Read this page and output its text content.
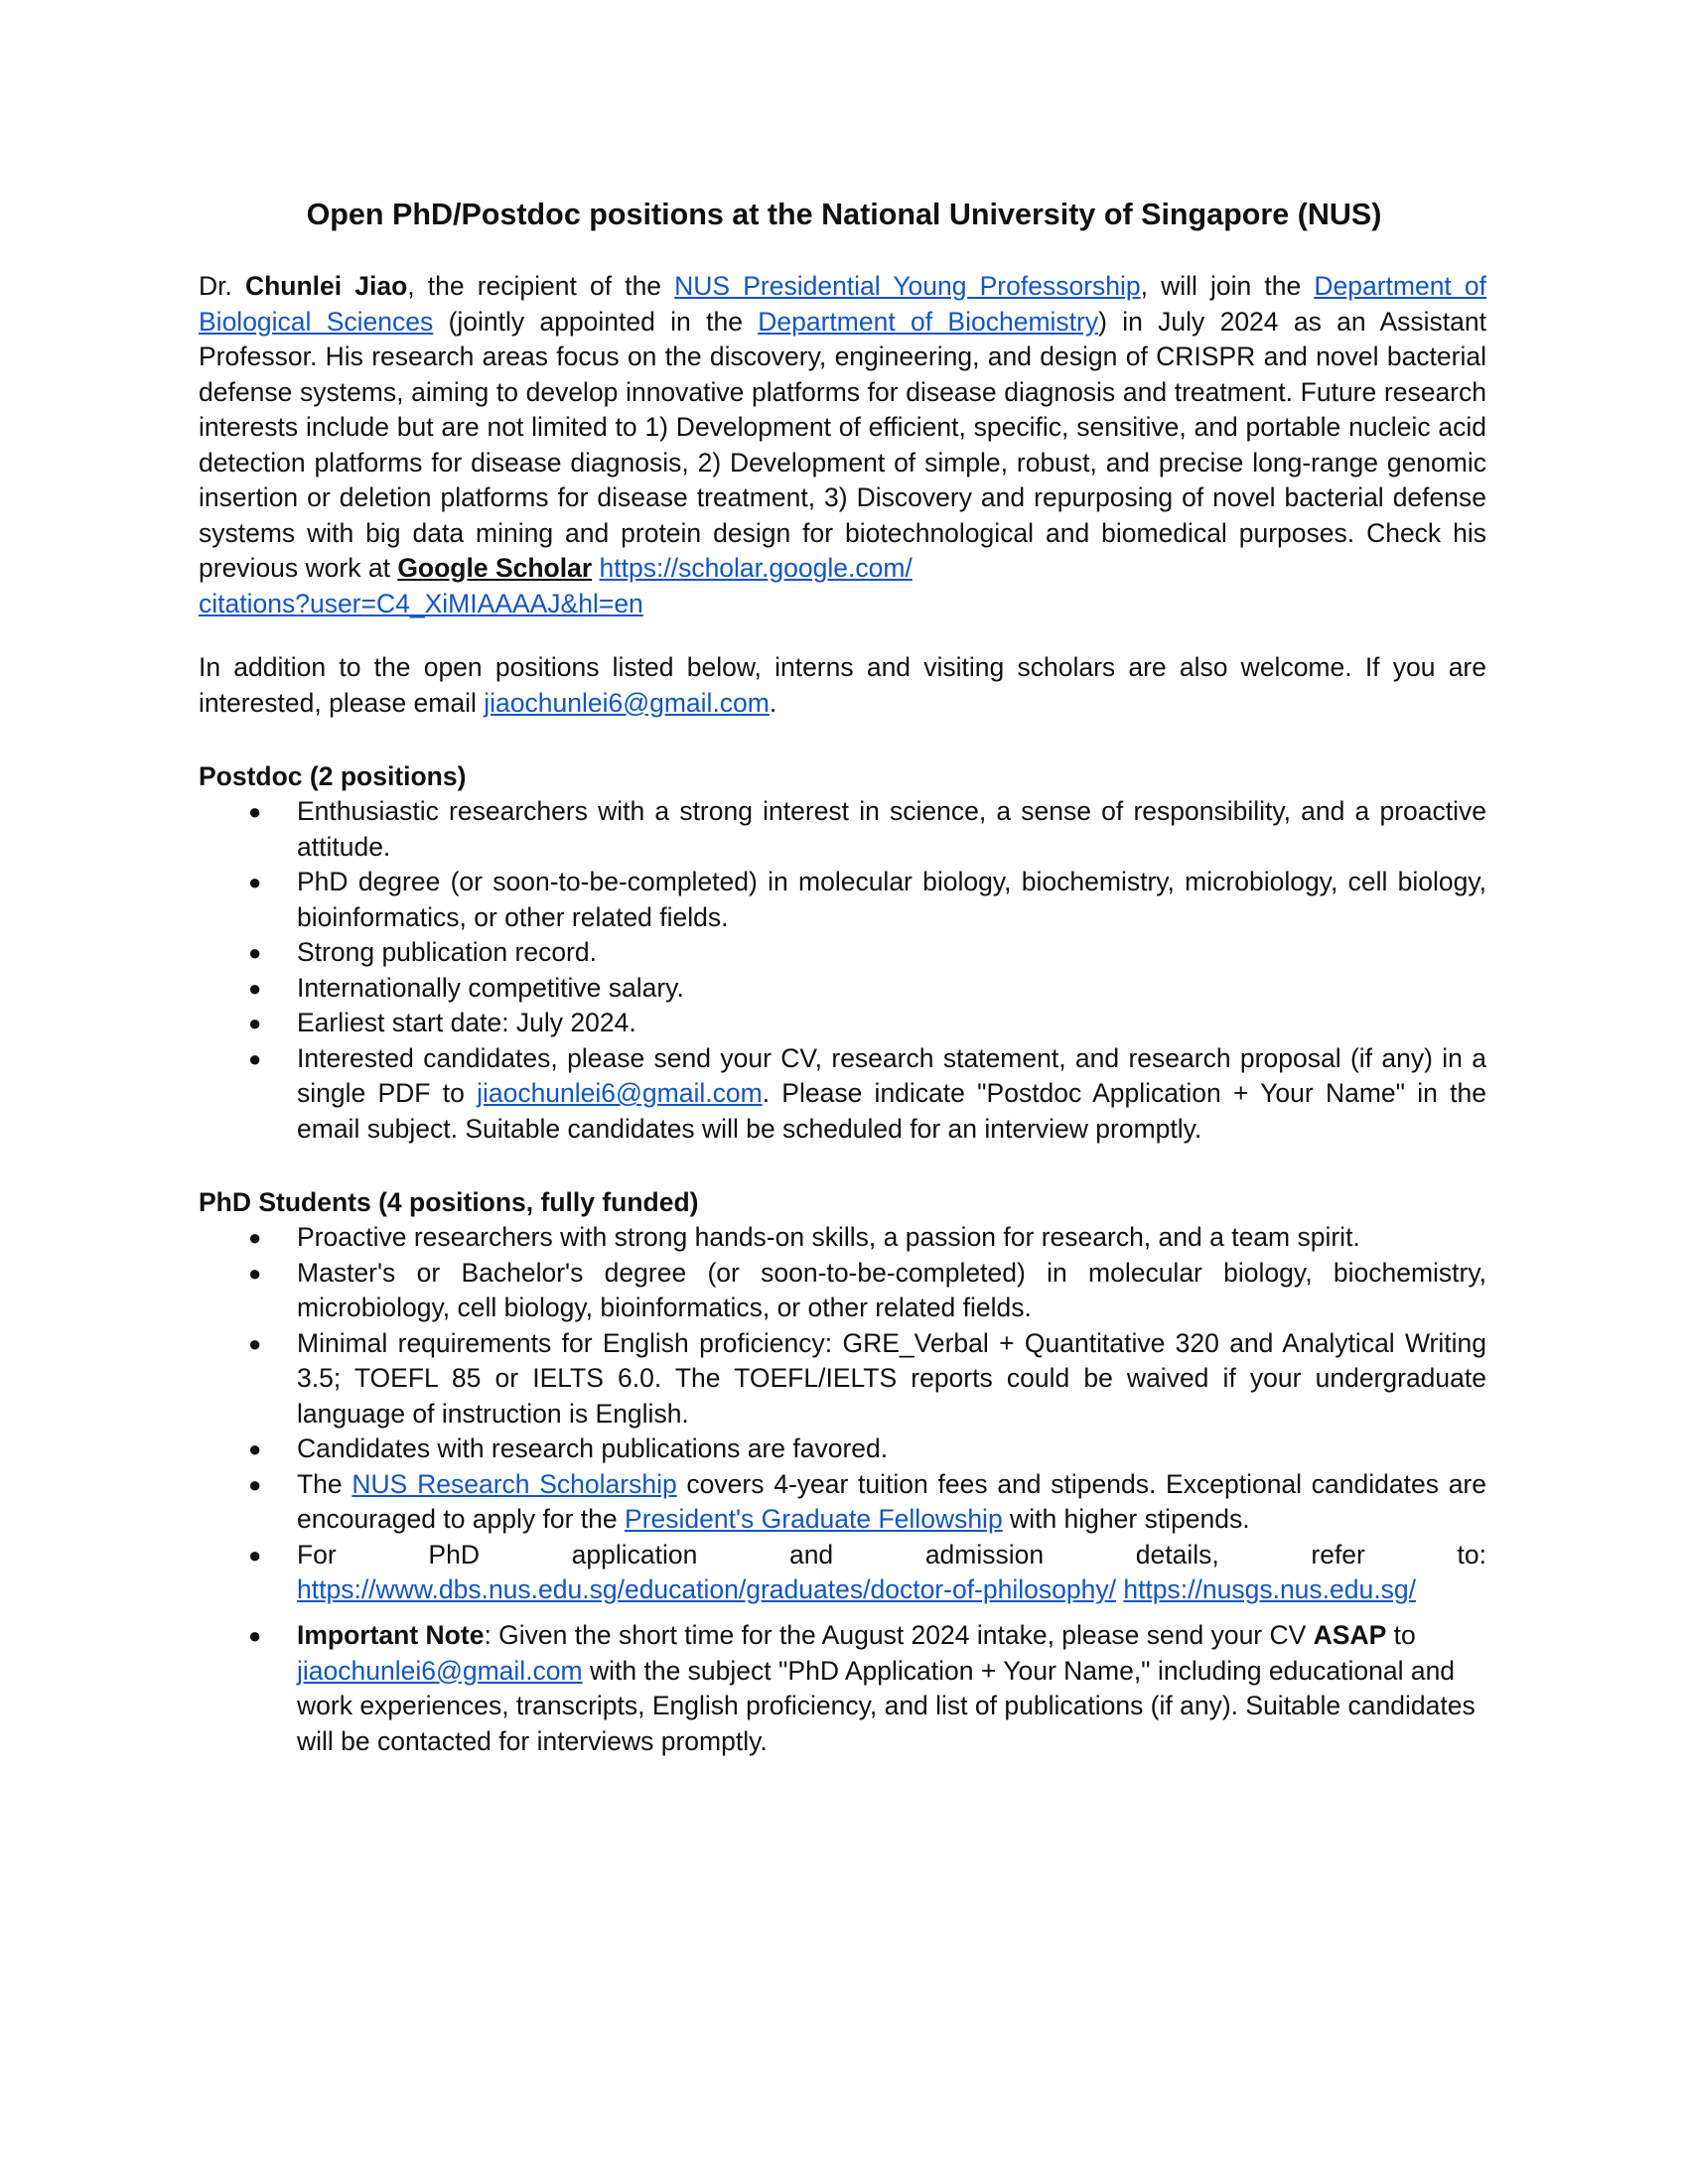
Open PhD/Postdoc positions at the National University of Singapore (NUS)
Dr. Chunlei Jiao, the recipient of the NUS Presidential Young Professorship, will join the Department of Biological Sciences (jointly appointed in the Department of Biochemistry) in July 2024 as an Assistant Professor. His research areas focus on the discovery, engineering, and design of CRISPR and novel bacterial defense systems, aiming to develop innovative platforms for disease diagnosis and treatment. Future research interests include but are not limited to 1) Development of efficient, specific, sensitive, and portable nucleic acid detection platforms for disease diagnosis, 2) Development of simple, robust, and precise long-range genomic insertion or deletion platforms for disease treatment, 3) Discovery and repurposing of novel bacterial defense systems with big data mining and protein design for biotechnological and biomedical purposes. Check his previous work at Google Scholar https://scholar.google.com/
citations?user=C4_XiMIAAAAJ&hl=en
In addition to the open positions listed below, interns and visiting scholars are also welcome. If you are interested, please email jiaochunlei6@gmail.com.
Postdoc (2 positions)
● Enthusiastic researchers with a strong interest in science, a sense of responsibility, and a proactive attitude.
● PhD degree (or soon-to-be-completed) in molecular biology, biochemistry, microbiology, cell biology, bioinformatics, or other related fields.
● Strong publication record.
● Internationally competitive salary.
● Earliest start date: July 2024.
● Interested candidates, please send your CV, research statement, and research proposal (if any) in a single PDF to jiaochunlei6@gmail.com. Please indicate "Postdoc Application + Your Name" in the email subject. Suitable candidates will be scheduled for an interview promptly.
PhD Students (4 positions, fully funded)
● Proactive researchers with strong hands-on skills, a passion for research, and a team spirit.
● Master's or Bachelor's degree (or soon-to-be-completed) in molecular biology, biochemistry, microbiology, cell biology, bioinformatics, or other related fields.
● Minimal requirements for English proficiency: GRE_Verbal + Quantitative 320 and Analytical Writing 3.5; TOEFL 85 or IELTS 6.0. The TOEFL/IELTS reports could be waived if your undergraduate language of instruction is English.
● Candidates with research publications are favored.
● The NUS Research Scholarship covers 4-year tuition fees and stipends. Exceptional candidates are encouraged to apply for the President's Graduate Fellowship with higher stipends.
● For PhD application and admission details, refer to: https://www.dbs.nus.edu.sg/education/graduates/doctor-of-philosophy/ https://nusgs.nus.edu.sg/
● Important Note: Given the short time for the August 2024 intake, please send your CV ASAP to jiaochunlei6@gmail.com with the subject "PhD Application + Your Name," including educational and work experiences, transcripts, English proficiency, and list of publications (if any). Suitable candidates will be contacted for interviews promptly.
